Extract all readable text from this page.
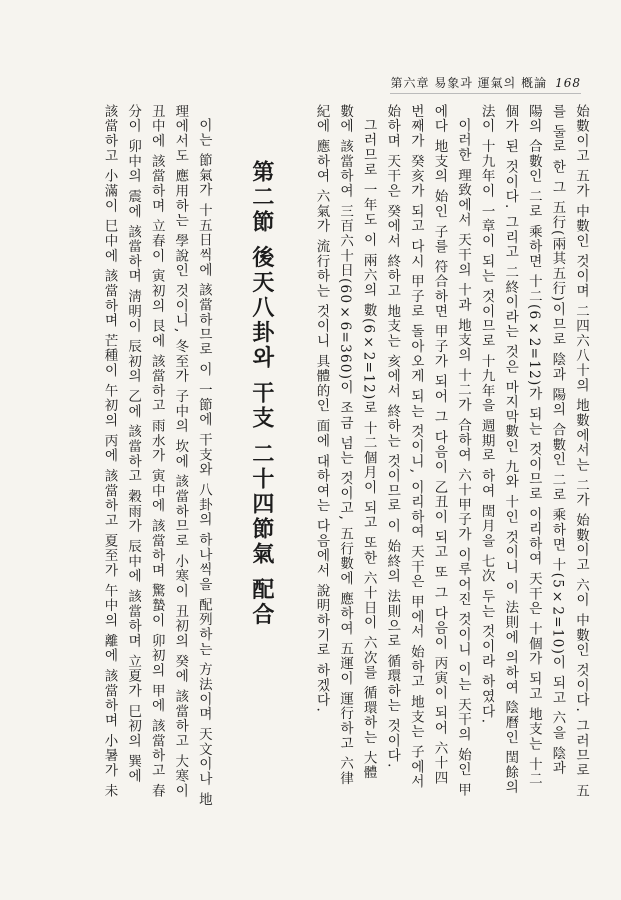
第六章 易象과 運氣의 槪論 168
始數이고 五가 中數인 것이며 二四六八十의 地數에서는 二가 始數이고 六이 中數인 것이다. 그러므로 五
를 둘로 한 그 五行(兩其五行)이므로 陰과 陽의 合數인 二로 乘하면 十(5×2=10)이 되고 六을 陰과
陽의 合數인 二로 乘하면 十二(6×2=12)가 되는 것이므로 이리하여 天干은 十個가 되고 地支는 十二
個가 된 것이다. 그리고 二終이라는 것은 마지막數인 九와 十인 것이니 이 法則에 의하여 陰曆인 閏餘의
法이 十九年이 一章이 되는 것이므로 十九年을 週期로 하여 閏月을 七次 두는 것이라 하였다.
이러한 理致에서 天干의 十과 地支의 十二가 合하여 六十甲子가 이루어진 것이니 이는 天干의 始인 甲
에다 地支의 始인 子를 符合하면 甲子가 되어 그 다음이 乙丑이 되고 또 그 다음이 丙寅이 되어 六十四
번째가 癸亥가 되고 다시 甲子로 돌아오게 되는 것이니, 이리하여 天干은 甲에서 始하고 地支는 子에서
始하며 天干은 癸에서 終하고 地支는 亥에서 終하는 것이므로 이 始終의 法則으로 循環하는 것이다.
그러므로 一年도 이 兩六의 數(6×2=12)로 十二個月이 되고 또한 六十日이 六次를 循環하는 大體
數에 該當하여 三百六十日(60×6=360)이 조금 넘는 것이고, 五行數에 應하여 五運이 運行하고 六律
紀에 應하여 六氣가 流行하는 것이니 具體的인 面에 대하여는 다음에서 說明하기로 하겠다.
第二節 後天八卦와 干支 二十四節氣 配合
이는 節氣가 十五日씩에 該當하므로 이 一節에 干支와 八卦의 하나씩을 配列하는 方法이며 天文이나 地
理에서도 應用하는 學說인 것이니, 冬至가 子中의 坎에 該當하므로 小寒이 丑初의 癸에 該當하고 大寒이
丑中에 該當하며 立春이 寅初의 艮에 該當하고 雨水가 寅中에 該當하며 驚蟄이 卯初의 甲에 該當하고 春
分이 卯中의 震에 該當하며 淸明이 辰初의 乙에 該當하고 穀雨가 辰中에 該當하며 立夏가 巳初의 巽에
該當하고 小滿이 巳中에 該當하며 芒種이 午初의 丙에 該當하고 夏至가 午中의 離에 該當하며 小暑가 未
